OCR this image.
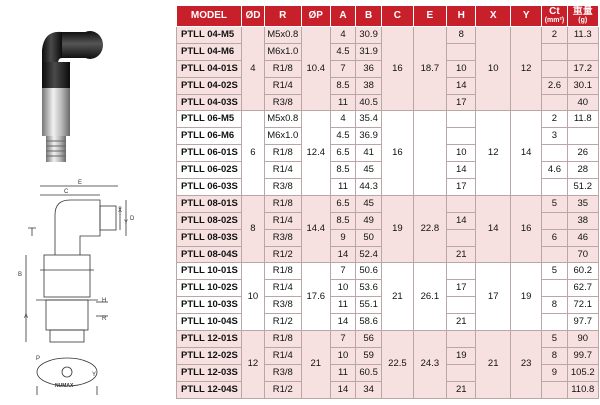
E
C
X
Y
D
B
H
A	R
P
Y
NUMAX
MODEL	ØD	R	ØP	A	B	C	E	H	X	Y	Ct
(mm²)	重量
(g)

PTLL 04-M5	4	M5x0.8	10.4	4	30.9	16	18.7	8	10	12	2	11.3
PTLL 04-M6		M6x1.0		4.5	31.9							
PTLL 04-01S		R1/8		7	36			10				17.2
PTLL 04-02S		R1/4		8.5	38			14			2.6	30.1
PTLL 04-03S		R3/8		11	40.5			17				40
PTLL 06-M5	6	M5x0.8	12.4	4	35.4	16			12	14	2	11.8
PTLL 06-M6		M6x1.0		4.5	36.9						3	
PTLL 06-01S		R1/8		6.5	41			10				26
PTLL 06-02S		R1/4		8.5	45			14			4.6	28
PTLL 06-03S		R3/8		11	44.3			17				51.2
PTLL 08-01S	8	R1/8	14.4	6.5	45	19	22.8		14	16	5	35
PTLL 08-02S		R1/4		8.5	49			14				38
PTLL 08-03S		R3/8		9	50						6	46
PTLL 08-04S		R1/2		14	52.4			21				70
PTLL 10-01S	10	R1/8	17.6	7	50.6	21	26.1		17	19	5	60.2
PTLL 10-02S		R1/4		10	53.6			17				62.7
PTLL 10-03S		R3/8		11	55.1						8	72.1
PTLL 10-04S		R1/2		14	58.6			21				97.7
PTLL 12-01S	12	R1/8	21	7	56	22.5	24.3		21	23	5	90
PTLL 12-02S		R1/4		10	59			19			8	99.7
PTLL 12-03S		R3/8		11	60.5						9	105.2
PTLL 12-04S		R1/2		14	34			21				110.8
